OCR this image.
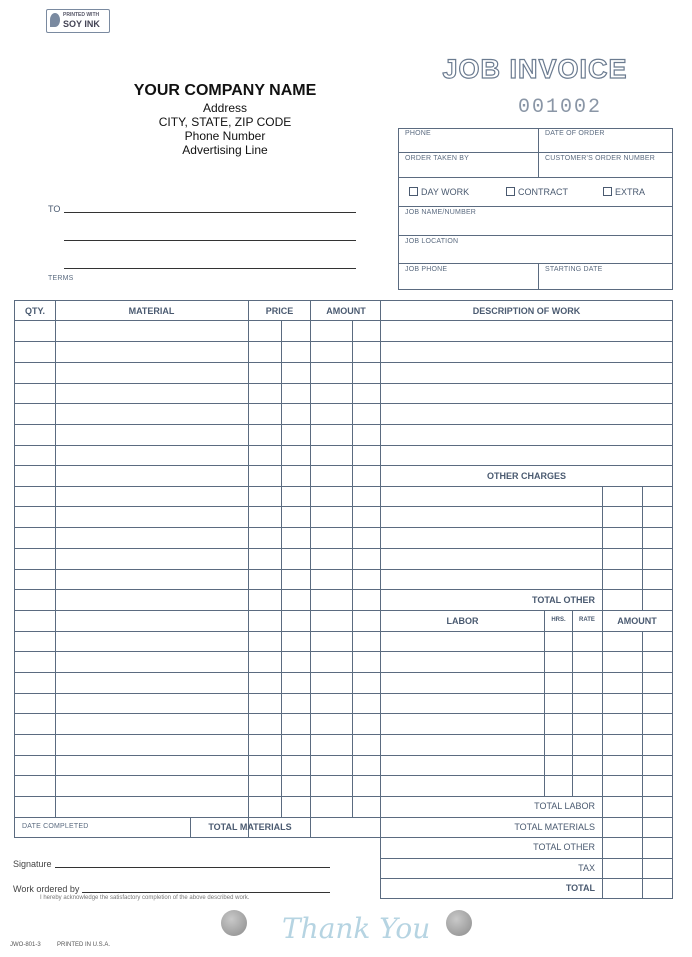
PRINTED WITH
SOY INK
YOUR COMPANY NAME
Address
CITY, STATE, ZIP CODE
Phone Number
Advertising Line
JOB INVOICE
001002
TO
TERMS
PHONE	DATE OF ORDER
ORDER TAKEN BY	CUSTOMER'S ORDER NUMBER
DAY WORK	CONTRACT	EXTRA
JOB NAME/NUMBER
JOB LOCATION
JOB PHONE	STARTING DATE
QTY.	MATERIAL	PRICE	AMOUNT	DESCRIPTION OF WORK
OTHER CHARGES
TOTAL OTHER
LABOR	HRS.	RATE	AMOUNT
TOTAL LABOR
TOTAL MATERIALS
DATE COMPLETED	TOTAL MATERIALS
TOTAL OTHER
TAX
TOTAL
Signature
Work ordered by
I hereby acknowledge the satisfactory completion of the above described work.
JWO-801-3	PRINTED IN U.S.A.	Thank You
